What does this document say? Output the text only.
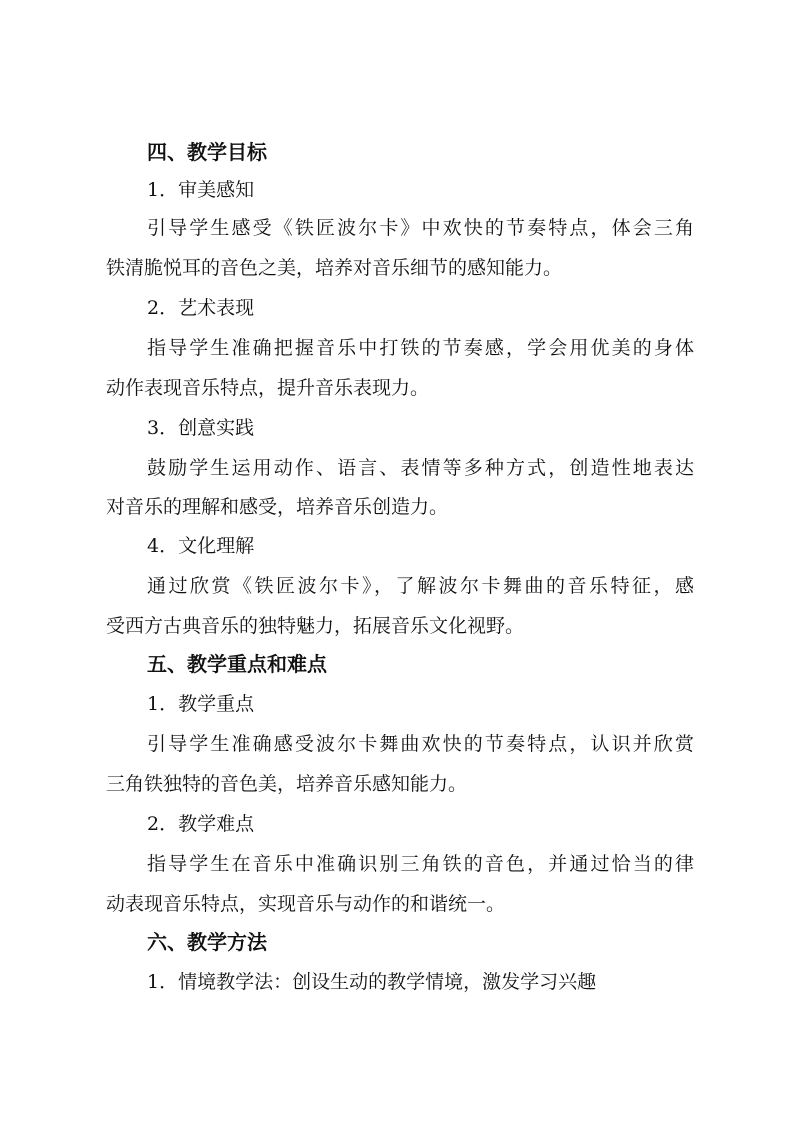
四、教学目标
1．审美感知
引导学生感受《铁匠波尔卡》中欢快的节奏特点，体会三角
铁清脆悦耳的音色之美，培养对音乐细节的感知能力。
2．艺术表现
指导学生准确把握音乐中打铁的节奏感，学会用优美的身体
动作表现音乐特点，提升音乐表现力。
3．创意实践
鼓励学生运用动作、语言、表情等多种方式，创造性地表达
对音乐的理解和感受，培养音乐创造力。
4．文化理解
通过欣赏《铁匠波尔卡》，了解波尔卡舞曲的音乐特征，感
受西方古典音乐的独特魅力，拓展音乐文化视野。
五、教学重点和难点
1．教学重点
引导学生准确感受波尔卡舞曲欢快的节奏特点，认识并欣赏
三角铁独特的音色美，培养音乐感知能力。
2．教学难点
指导学生在音乐中准确识别三角铁的音色，并通过恰当的律
动表现音乐特点，实现音乐与动作的和谐统一。
六、教学方法
1．情境教学法：创设生动的教学情境，激发学习兴趣
